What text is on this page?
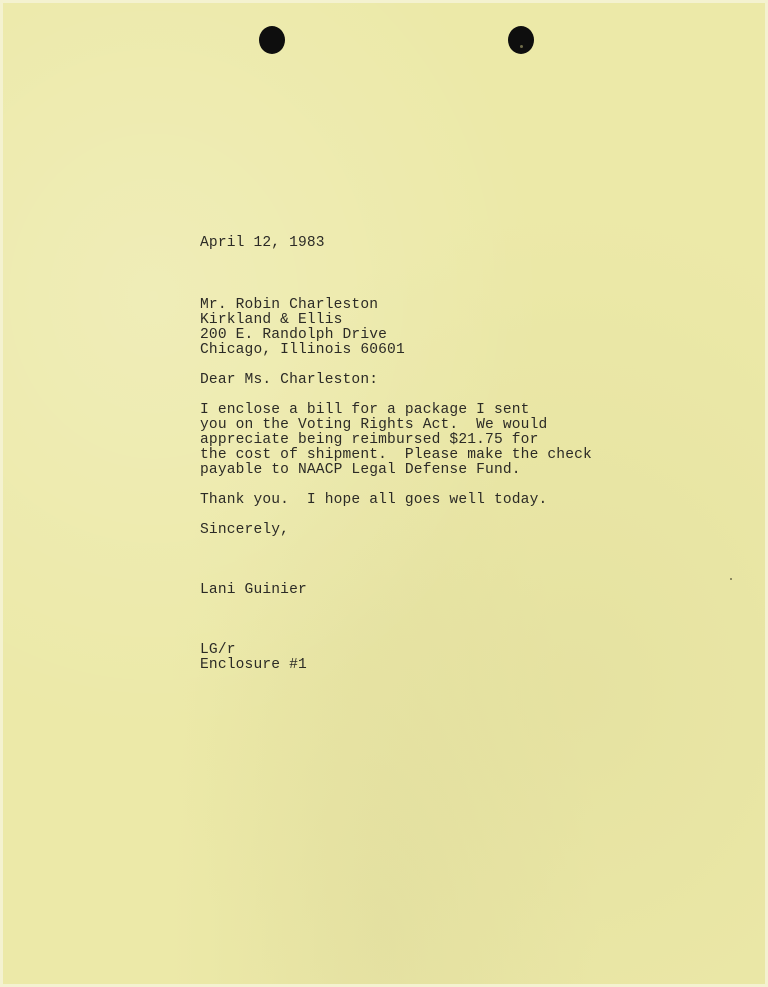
April 12, 1983
Mr. Robin Charleston
Kirkland & Ellis
200 E. Randolph Drive
Chicago, Illinois 60601
Dear Ms. Charleston:
I enclose a bill for a package I sent
you on the Voting Rights Act.  We would
appreciate being reimbursed $21.75 for
the cost of shipment.  Please make the check
payable to NAACP Legal Defense Fund.
Thank you.  I hope all goes well today.
Sincerely,
Lani Guinier
LG/r
Enclosure #1
